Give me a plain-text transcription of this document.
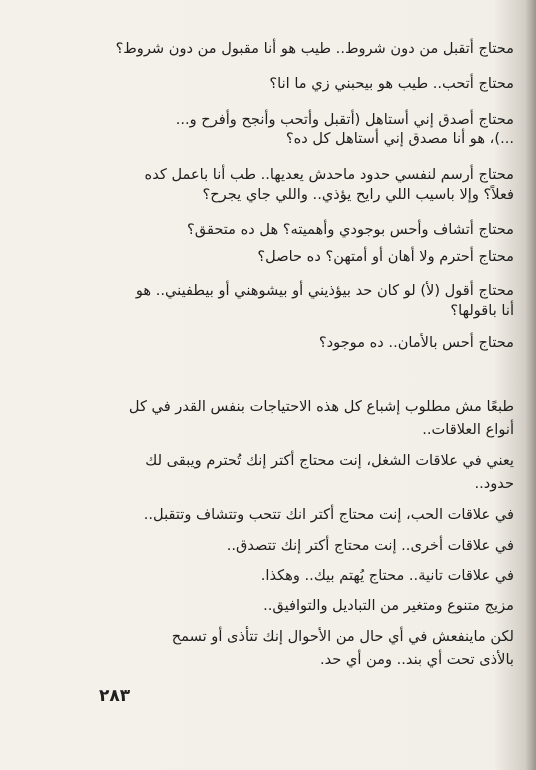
محتاج أتقبل من دون شروط.. طيب هو أنا مقبول من دون شروط؟
محتاج أتحب.. طيب هو بيحبني زي ما انا؟
محتاج أصدق إني أستاهل (أتقبل وأتحب وأنجح وأفرح و...
...)، هو أنا مصدق إني أستاهل كل ده؟
محتاج أرسم لنفسي حدود ماحدش يعديها.. طب أنا باعمل كده
فعلاً؟ وإلا باسيب اللي رايح يؤذي.. واللي جاي يجرح؟
محتاج أتشاف وأحس بوجودي وأهميته؟ هل ده متحقق؟
محتاج أحترم ولا أهان أو أمتهن؟ ده حاصل؟
محتاج أقول (لأ) لو كان حد بيؤذيني أو بيشوهني أو بيطفيني.. هو
أنا باقولها؟
محتاج أحس بالأمان.. ده موجود؟
طبعًا مش مطلوب إشباع كل هذه الاحتياجات بنفس القدر في كل
أنواع العلاقات..
يعني في علاقات الشغل، إنت محتاج أكتر إنك تُحترم ويبقى لك
حدود..
في علاقات الحب، إنت محتاج أكتر انك تتحب وتتشاف وتتقبل..
في علاقات أخرى.. إنت محتاج أكتر إنك تتصدق..
في علاقات تانية.. محتاج يُهتم بيك.. وهكذا.
مزيج متنوع ومتغير من التباديل والتوافيق..
لكن ماينفعش في أي حال من الأحوال إنك تتأذى أو تسمح
بالأذى تحت أي بند.. ومن أي حد.
٢٨٣
